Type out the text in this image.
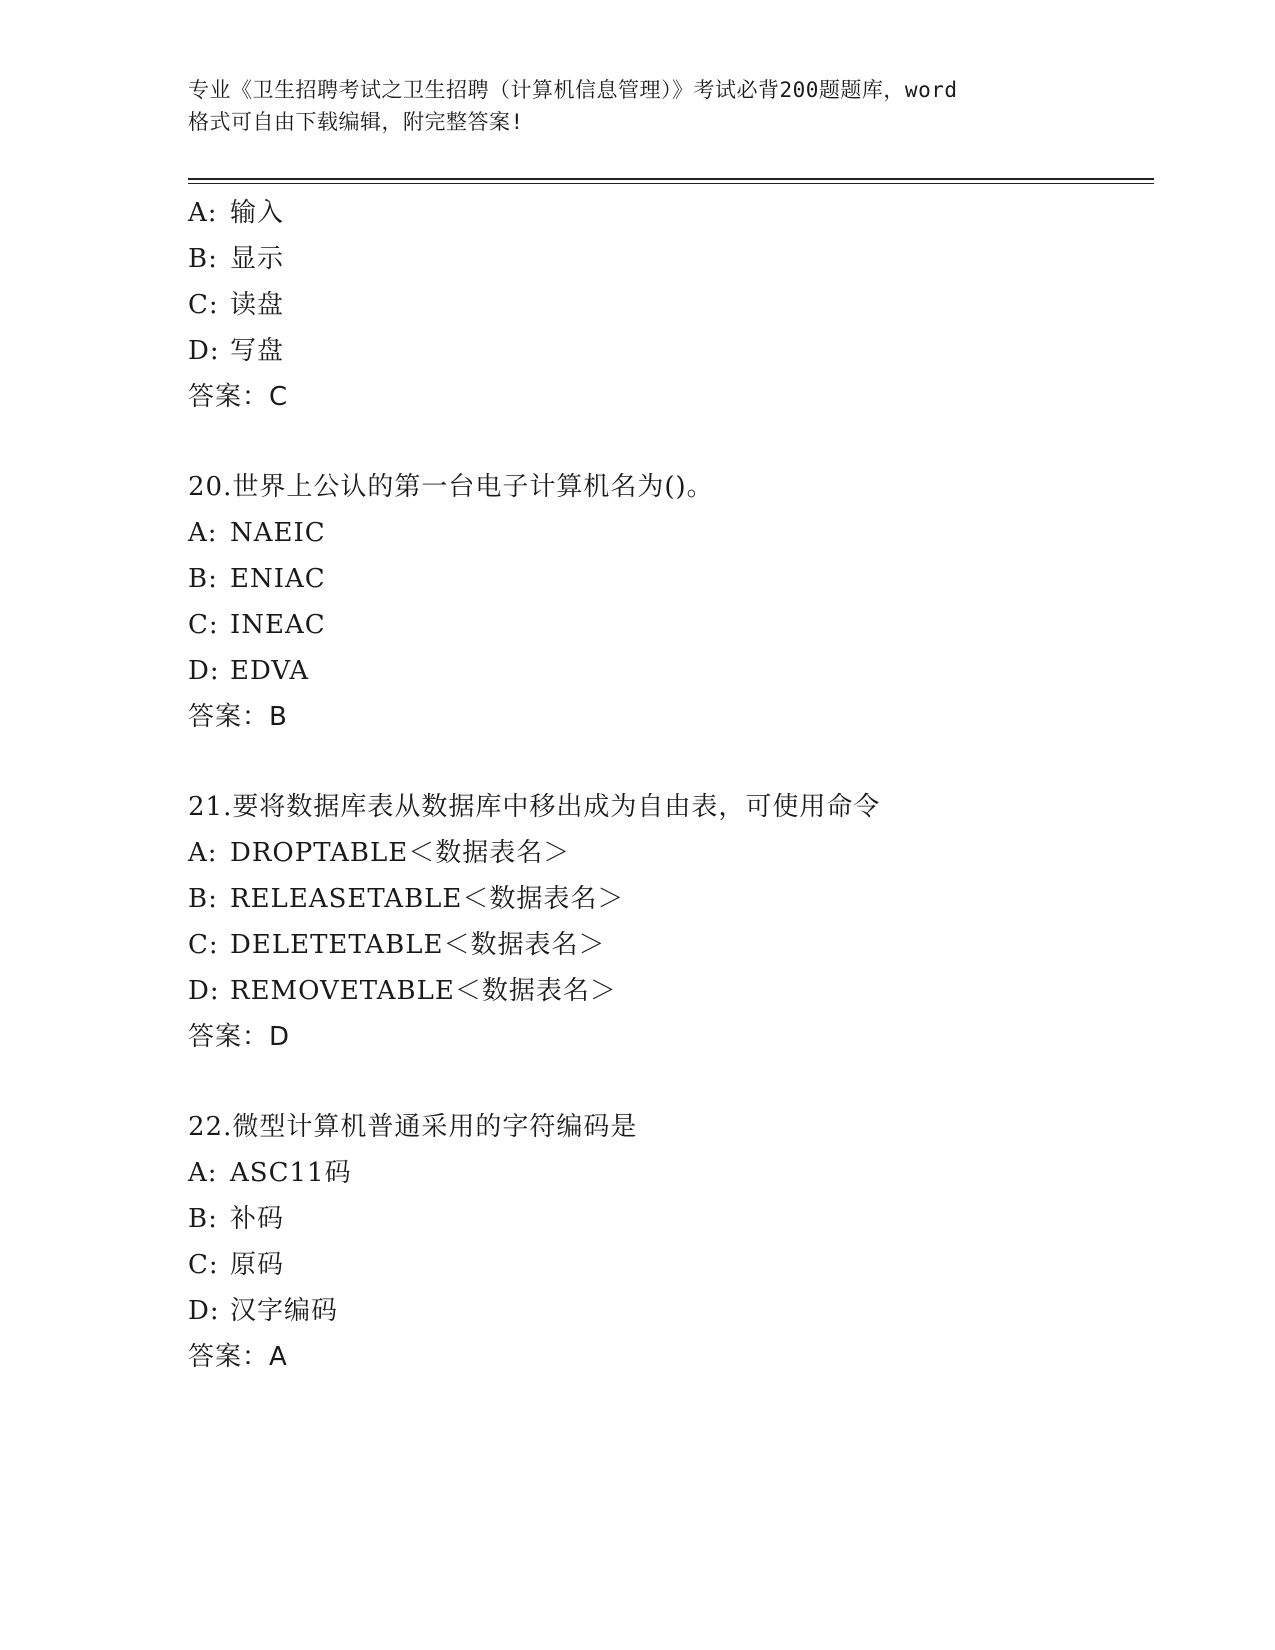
专业《卫生招聘考试之卫生招聘（计算机信息管理）》考试必背200题题库，word
格式可自由下载编辑，附完整答案!
A: 输入
B: 显示
C: 读盘
D: 写盘
答案：C
20.世界上公认的第一台电子计算机名为()。
A: NAEIC
B: ENIAC
C: INEAC
D: EDVA
答案：B
21.要将数据库表从数据库中移出成为自由表，可使用命令
A: DROPTABLE＜数据表名＞
B: RELEASETABLE＜数据表名＞
C: DELETETABLE＜数据表名＞
D: REMOVETABLE＜数据表名＞
答案：D
22.微型计算机普通采用的字符编码是
A: ASC11码
B: 补码
C: 原码
D: 汉字编码
答案：A
